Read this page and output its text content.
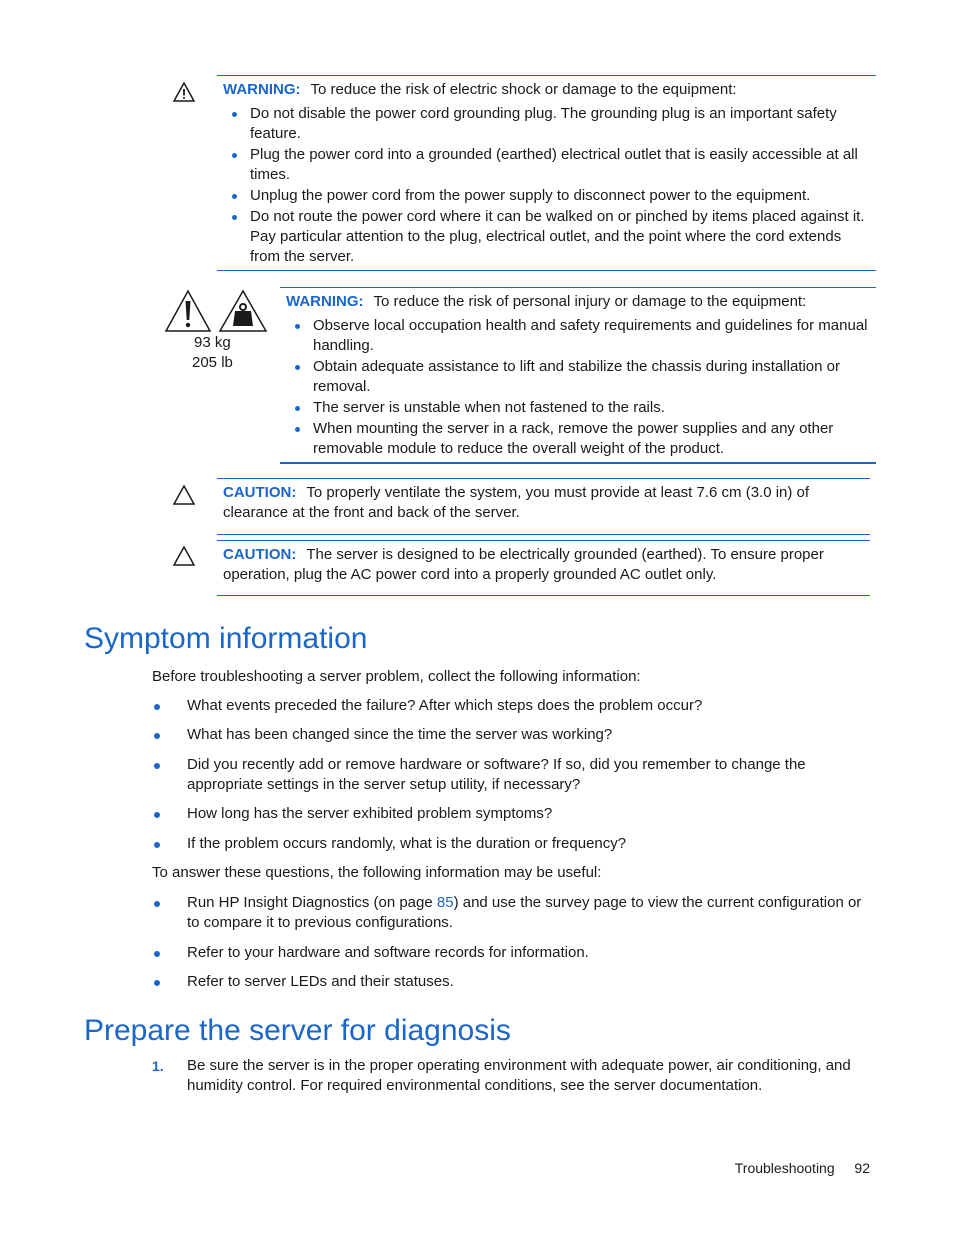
WARNING: To reduce the risk of electric shock or damage to the equipment:

Do not disable the power cord grounding plug. The grounding plug is an important safety feature.
Plug the power cord into a grounded (earthed) electrical outlet that is easily accessible at all times.
Unplug the power cord from the power supply to disconnect power to the equipment.
Do not route the power cord where it can be walked on or pinched by items placed against it. Pay particular attention to the plug, electrical outlet, and the point where the cord extends from the server.
93 kg
205 lb

WARNING: To reduce the risk of personal injury or damage to the equipment:

Observe local occupation health and safety requirements and guidelines for manual handling.
Obtain adequate assistance to lift and stabilize the chassis during installation or removal.
The server is unstable when not fastened to the rails.
When mounting the server in a rack, remove the power supplies and any other removable module to reduce the overall weight of the product.

CAUTION: To properly ventilate the system, you must provide at least 7.6 cm (3.0 in) of clearance at the front and back of the server.

CAUTION: The server is designed to be electrically grounded (earthed). To ensure proper operation, plug the AC power cord into a properly grounded AC outlet only.

Symptom information

Before troubleshooting a server problem, collect the following information:

What events preceded the failure? After which steps does the problem occur?
What has been changed since the time the server was working?
Did you recently add or remove hardware or software? If so, did you remember to change the appropriate settings in the server setup utility, if necessary?
How long has the server exhibited problem symptoms?
If the problem occurs randomly, what is the duration or frequency?

To answer these questions, the following information may be useful:

Run HP Insight Diagnostics (on page 85) and use the survey page to view the current configuration or to compare it to previous configurations.
Refer to your hardware and software records for information.
Refer to server LEDs and their statuses.
Prepare the server for diagnosis
1. Be sure the server is in the proper operating environment with adequate power, air conditioning, and humidity control. For required environmental conditions, see the server documentation.

Troubleshooting 92
